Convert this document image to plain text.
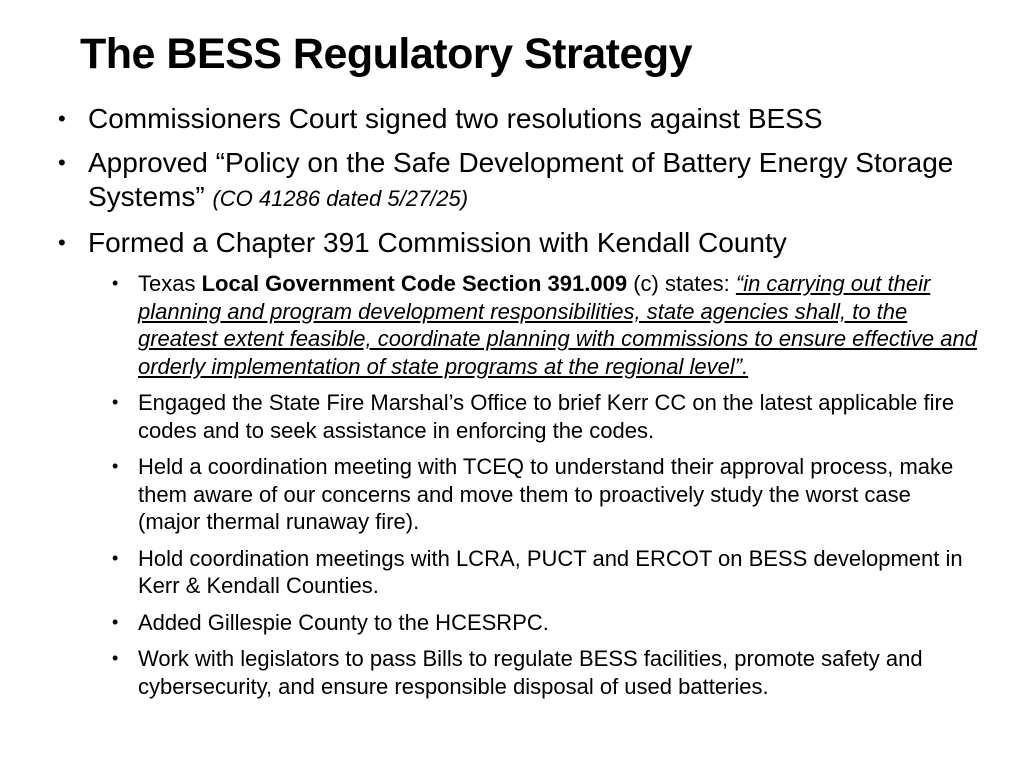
The BESS Regulatory Strategy
• Commissioners Court signed two resolutions against BESS
• Approved “Policy on the Safe Development of Battery Energy Storage Systems” (CO 41286 dated 5/27/25)
• Formed a Chapter 391 Commission with Kendall County
• Texas Local Government Code Section 391.009 (c) states: “in carrying out their planning and program development responsibilities, state agencies shall, to the greatest extent feasible, coordinate planning with commissions to ensure effective and orderly implementation of state programs at the regional level”.
• Engaged the State Fire Marshal’s Office to brief Kerr CC on the latest applicable fire codes and to seek assistance in enforcing the codes.
• Held a coordination meeting with TCEQ to understand their approval process, make them aware of our concerns and move them to proactively study the worst case (major thermal runaway fire).
• Hold coordination meetings with LCRA, PUCT and ERCOT on BESS development in Kerr & Kendall Counties.
• Added Gillespie County to the HCESRPC.
• Work with legislators to pass Bills to regulate BESS facilities, promote safety and cybersecurity, and ensure responsible disposal of used batteries.
